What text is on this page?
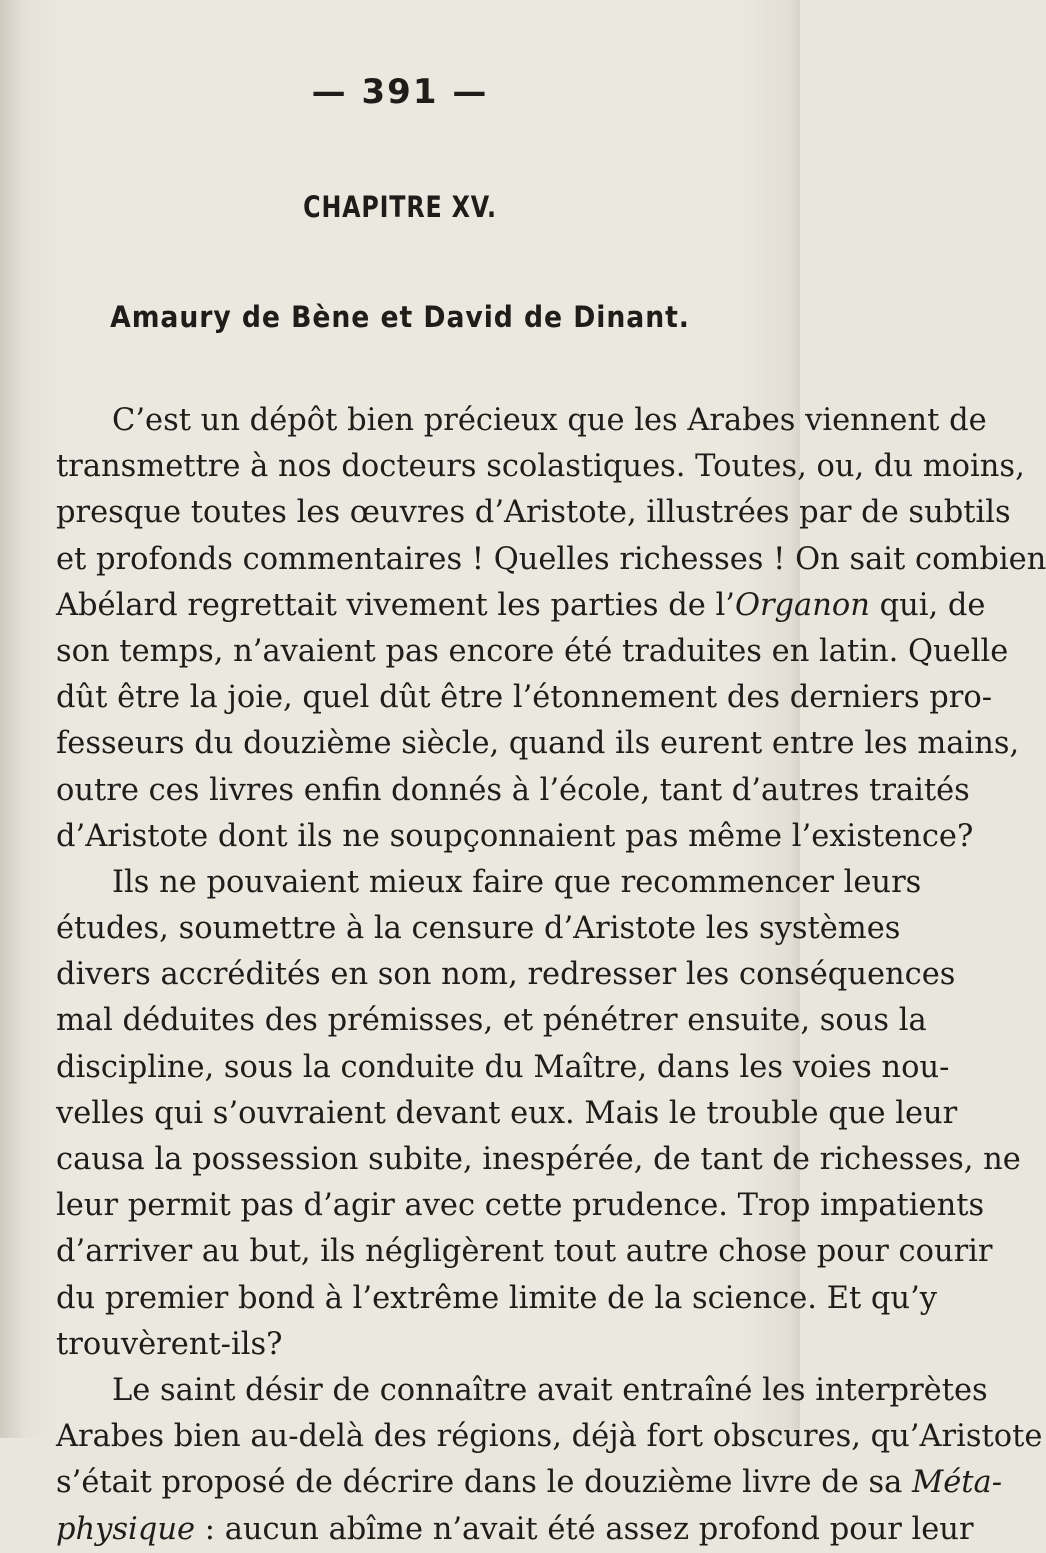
— 391 —
CHAPITRE XV.
Amaury de Bène et David de Dinant.
C’est un dépôt bien précieux que les Arabes viennent de
transmettre à nos docteurs scolastiques. Toutes, ou, du moins,
presque toutes les œuvres d’Aristote, illustrées par de subtils
et profonds commentaires ! Quelles richesses ! On sait combien
Abélard regrettait vivement les parties de l’Organon qui, de
son temps, n’avaient pas encore été traduites en latin. Quelle
dût être la joie, quel dût être l’étonnement des derniers pro-
fesseurs du douzième siècle, quand ils eurent entre les mains,
outre ces livres enfin donnés à l’école, tant d’autres traités
d’Aristote dont ils ne soupçonnaient pas même l’existence?
Ils ne pouvaient mieux faire que recommencer leurs
études, soumettre à la censure d’Aristote les systèmes
divers accrédités en son nom, redresser les conséquences
mal déduites des prémisses, et pénétrer ensuite, sous la
discipline, sous la conduite du Maître, dans les voies nou-
velles qui s’ouvraient devant eux. Mais le trouble que leur
causa la possession subite, inespérée, de tant de richesses, ne
leur permit pas d’agir avec cette prudence. Trop impatients
d’arriver au but, ils négligèrent tout autre chose pour courir
du premier bond à l’extrême limite de la science. Et qu’y
trouvèrent-ils?
Le saint désir de connaître avait entraîné les interprètes
Arabes bien au-delà des régions, déjà fort obscures, qu’Aristote
s’était proposé de décrire dans le douzième livre de sa Méta-
physique : aucun abîme n’avait été assez profond pour leur
